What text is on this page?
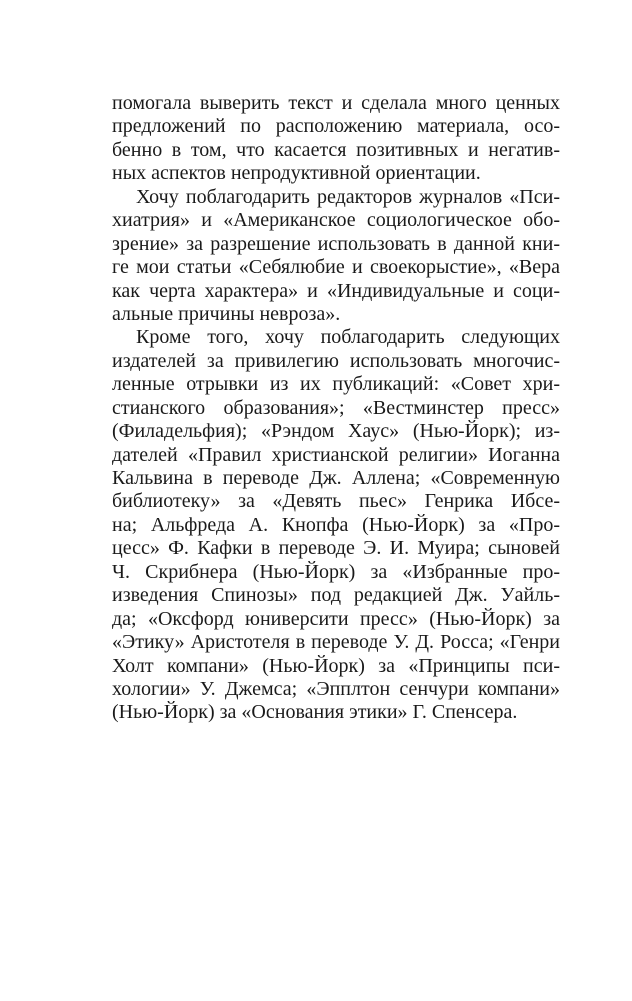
помогала выверить текст и сделала много ценных
предложений по расположению материала, осо-
бенно в том, что касается позитивных и негатив-
ных аспектов непродуктивной ориентации.
Хочу поблагодарить редакторов журналов «Пси-
хиатрия» и «Американское социологическое обо-
зрение» за разрешение использовать в данной кни-
ге мои статьи «Себялюбие и своекорыстие», «Вера
как черта характера» и «Индивидуальные и соци-
альные причины невроза».
Кроме того, хочу поблагодарить следующих
издателей за привилегию использовать многочис-
ленные отрывки из их публикаций: «Совет хри-
стианского образования»; «Вестминстер пресс»
(Филадельфия); «Рэндом Хаус» (Нью-Йорк); из-
дателей «Правил христианской религии» Иоганна
Кальвина в переводе Дж. Аллена; «Современную
библиотеку» за «Девять пьес» Генрика Ибсе-
на; Альфреда А. Кнопфа (Нью-Йорк) за «Про-
цесс» Ф. Кафки в переводе Э. И. Муира; сыновей
Ч. Скрибнера (Нью-Йорк) за «Избранные про-
изведения Спинозы» под редакцией Дж. Уайль-
да; «Оксфорд юниверсити пресс» (Нью-Йорк) за
«Этику» Аристотеля в переводе У. Д. Росса; «Генри
Холт компани» (Нью-Йорк) за «Принципы пси-
хологии» У. Джемса; «Эпплтон сенчури компани»
(Нью-Йорк) за «Основания этики» Г. Спенсера.
